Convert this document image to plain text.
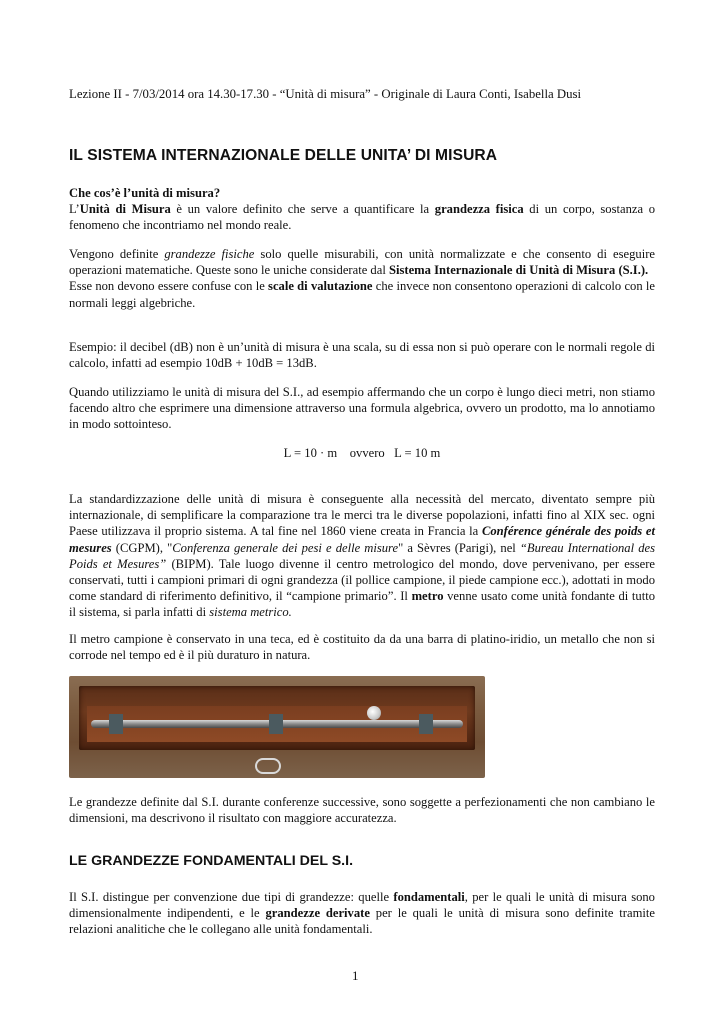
Lezione II - 7/03/2014 ora 14.30-17.30 - “Unità di misura” - Originale di Laura Conti, Isabella Dusi
IL SISTEMA INTERNAZIONALE DELLE UNITA’ DI MISURA

Che cos’è l’unità di misura?

L’Unità di Misura è un valore definito che serve a quantificare la grandezza fisica di un corpo, sostanza o fenomeno che incontriamo nel mondo reale.

Vengono definite grandezze fisiche solo quelle misurabili, con unità normalizzate e che consento di eseguire operazioni matematiche. Queste sono le uniche considerate dal Sistema Internazionale di Unità di Misura (S.I.).

Esse non devono essere confuse con le scale di valutazione che invece non consentono operazioni di calcolo con le normali leggi algebriche.

Esempio: il decibel (dB) non è un’unità di misura è una scala, su di essa non si può operare con le normali regole di calcolo, infatti ad esempio 10dB + 10dB = 13dB.
Quando utilizziamo le unità di misura del S.I., ad esempio affermando che un corpo è lungo dieci metri, non stiamo facendo altro che esprimere una dimensione attraverso una formula algebrica, ovvero un prodotto, ma lo annotiamo in modo sottointeso.
L = 10 · m    ovvero   L = 10 m
La standardizzazione delle unità di misura è conseguente alla necessità del mercato, diventato sempre più internazionale, di semplificare la comparazione tra le merci tra le diverse popolazioni, infatti fino al XIX sec. ogni Paese utilizzava il proprio sistema. A tal fine nel 1860 viene creata in Francia la Conférence générale des poids et mesures (CGPM), "Conferenza generale dei pesi e delle misure" a Sèvres (Parigi), nel “Bureau International des Poids et Mesures” (BIPM). Tale luogo divenne il centro metrologico del mondo, dove pervenivano, per essere conservati, tutti i campioni primari di ogni grandezza (il pollice campione, il piede campione ecc.), adottati in modo come standard di riferimento definitivo, il “campione primario”. Il metro venne usato come unità fondante di tutto il sistema, si parla infatti di sistema metrico.
Il metro campione è conservato in una teca, ed è costituito da da una barra di platino-iridio, un metallo che non si corrode nel tempo ed è il più duraturo in natura.
Le grandezze definite dal S.I. durante conferenze successive, sono soggette a perfezionamenti che non cambiano le dimensioni, ma descrivono il risultato con maggiore accuratezza.
LE GRANDEZZE FONDAMENTALI DEL S.I.
Il S.I. distingue per convenzione due tipi di grandezze: quelle fondamentali, per le quali le unità di misura sono dimensionalmente indipendenti, e le grandezze derivate per le quali le unità di misura sono definite tramite relazioni analitiche che le collegano alle unità fondamentali.
1
